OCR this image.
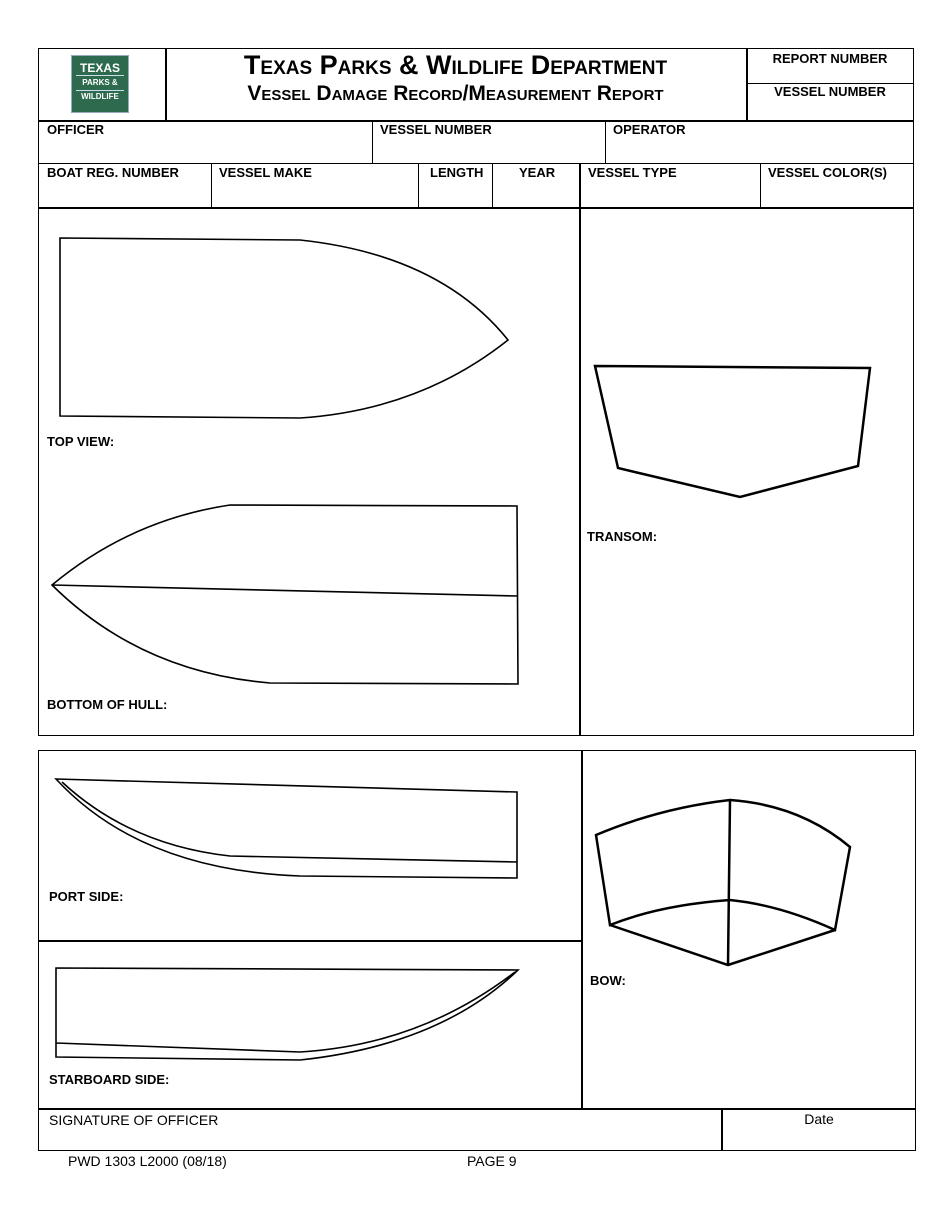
TEXAS
PARKS &
WILDLIFE
Texas Parks & Wildlife Department
Vessel Damage Record/Measurement Report
REPORT NUMBER
VESSEL NUMBER
OFFICER	VESSEL NUMBER	OPERATOR
BOAT REG. NUMBER	VESSEL MAKE	LENGTH	YEAR	VESSEL TYPE	VESSEL COLOR(S)
TOP VIEW:
BOTTOM OF HULL:
TRANSOM:
PORT SIDE:
STARBOARD SIDE:
BOW:
SIGNATURE OF OFFICER	Date
PWD 1303 L2000 (08/18)	PAGE 9
